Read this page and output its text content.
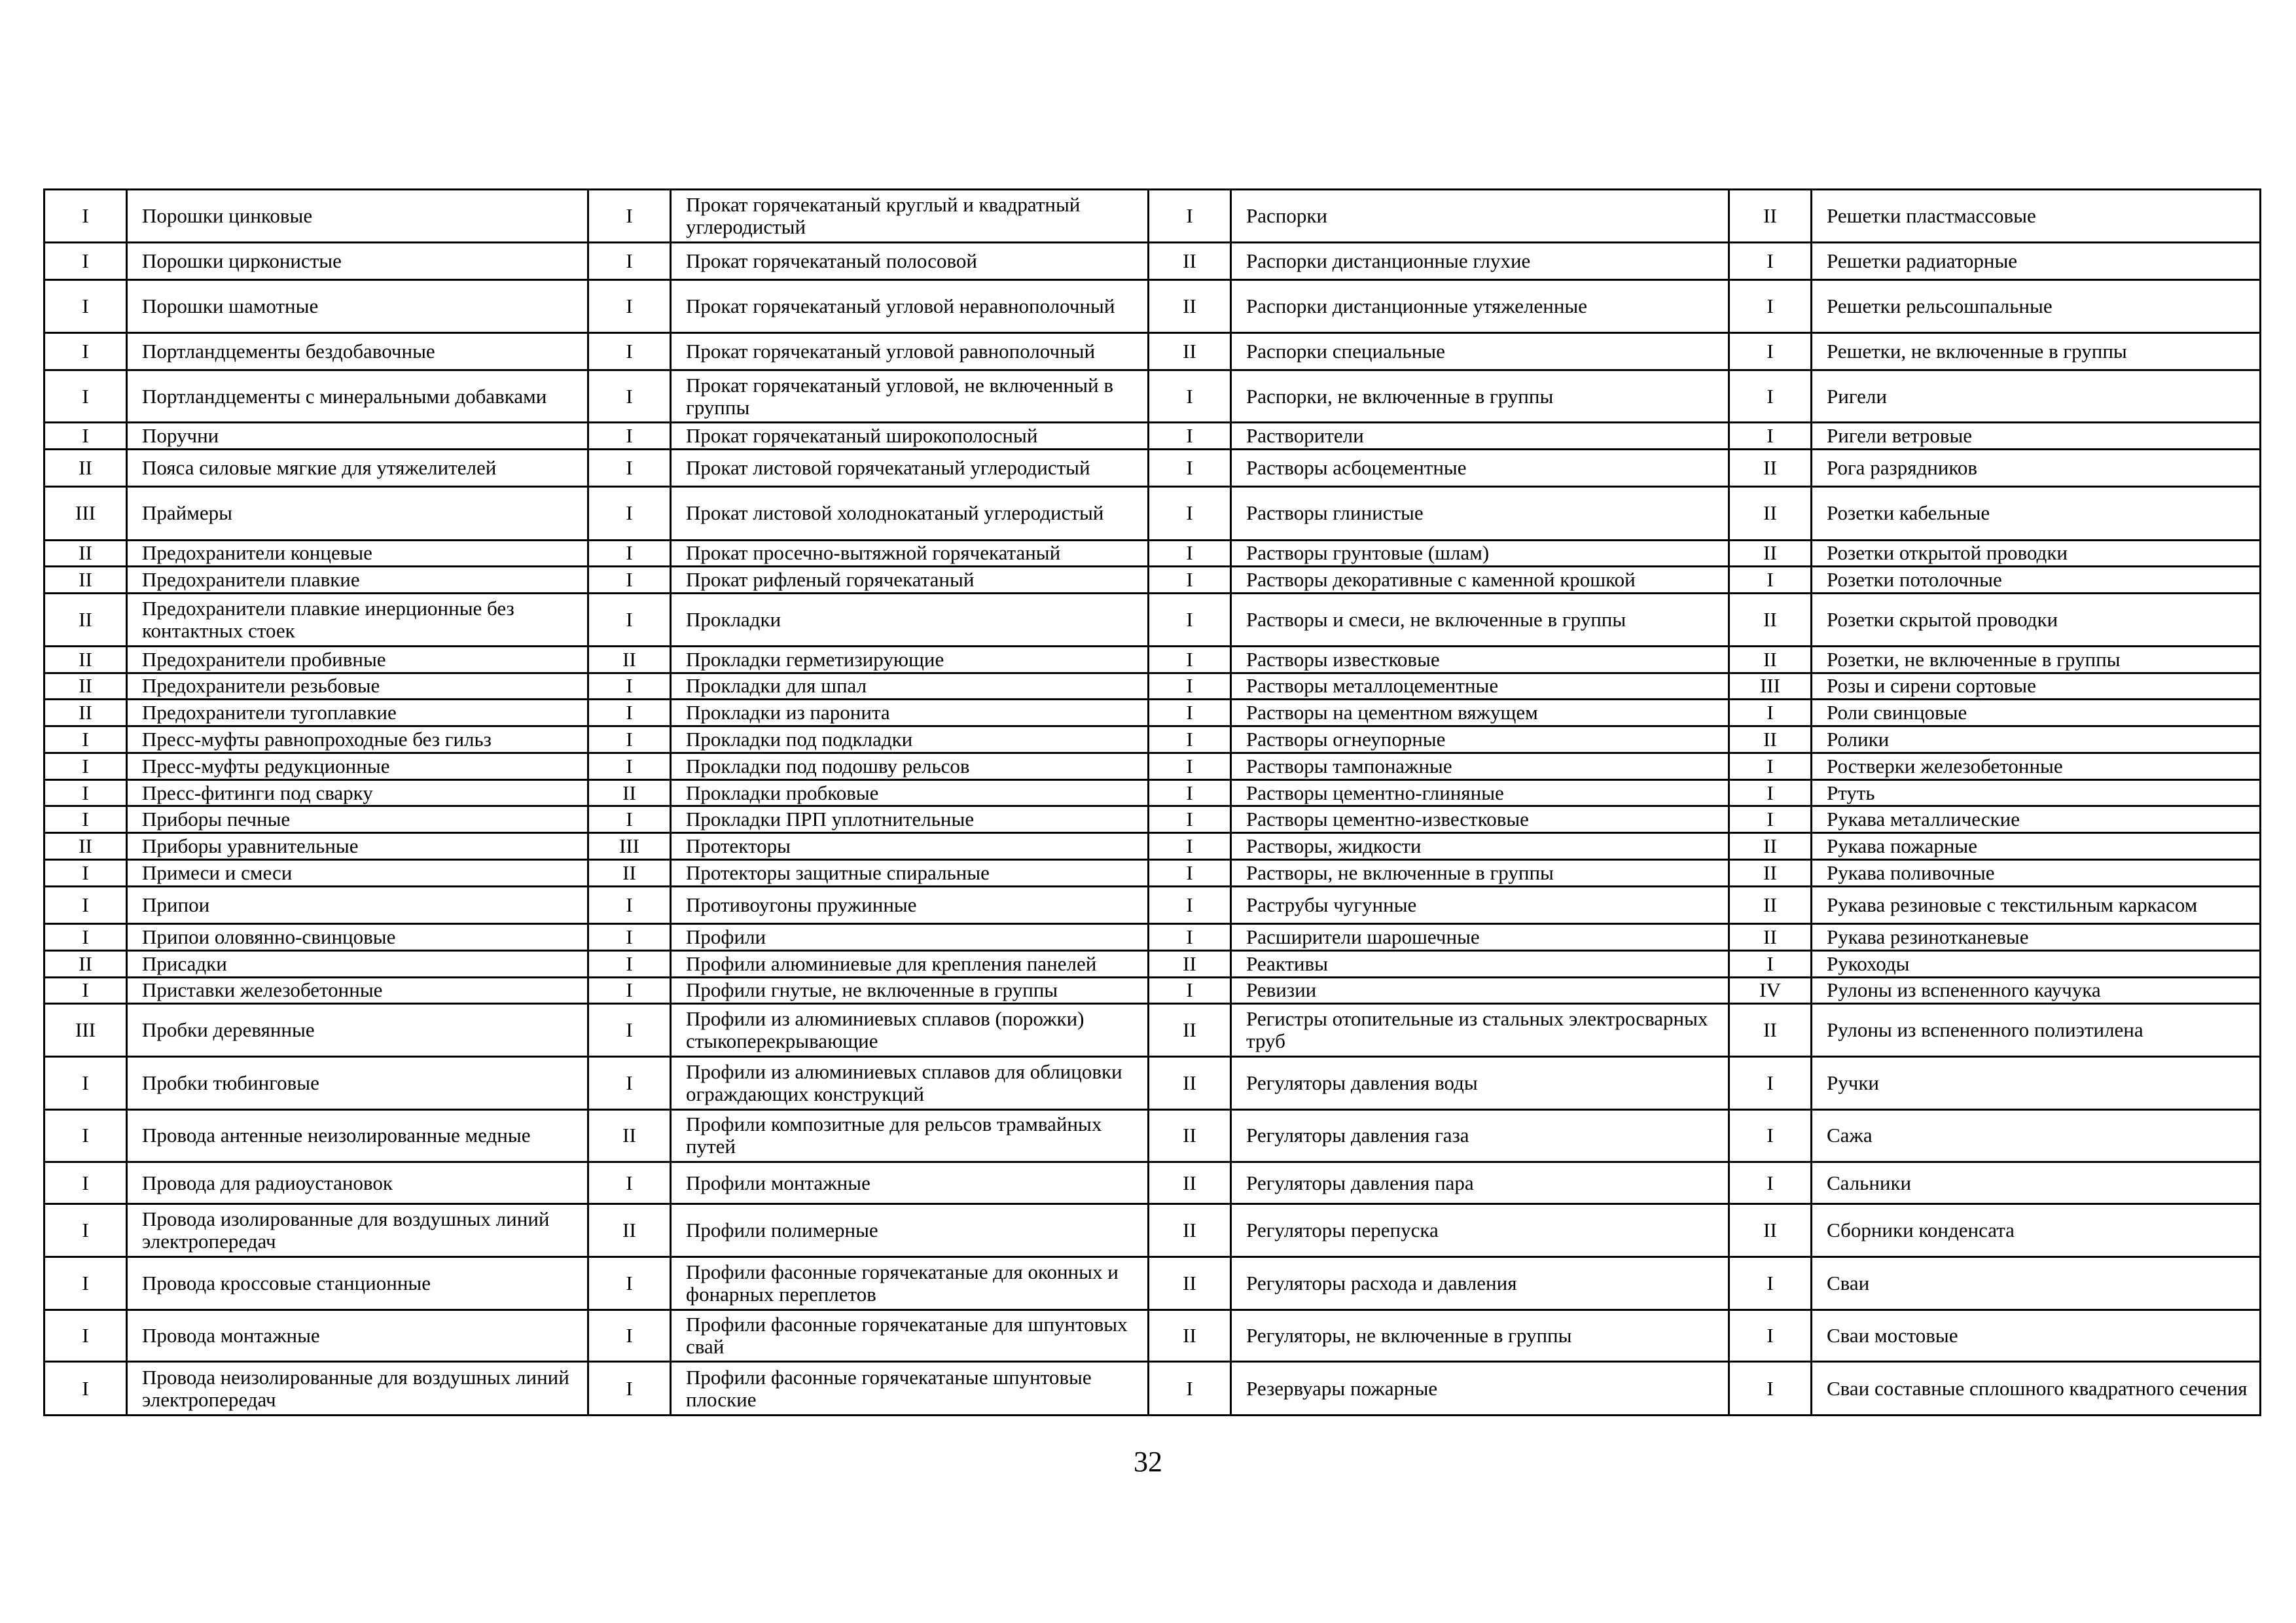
I	Порошки цинковые	I	Прокат горячекатаный круглый и квадратный углеродистый	I	Распорки	II	Решетки пластмассовые
I	Порошки цирконистые	I	Прокат горячекатаный полосовой	II	Распорки дистанционные глухие	I	Решетки радиаторные
I	Порошки шамотные	I	Прокат горячекатаный угловой неравнополочный	II	Распорки дистанционные утяжеленные	I	Решетки рельсошпальные
I	Портландцементы бездобавочные	I	Прокат горячекатаный угловой равнополочный	II	Распорки специальные	I	Решетки, не включенные в группы
I	Портландцементы с минеральными добавками	I	Прокат горячекатаный угловой, не включенный в группы	I	Распорки, не включенные в группы	I	Ригели
I	Поручни	I	Прокат горячекатаный широкополосный	I	Растворители	I	Ригели ветровые
II	Пояса силовые мягкие для утяжелителей	I	Прокат листовой горячекатаный углеродистый	I	Растворы асбоцементные	II	Рога разрядников
III	Праймеры	I	Прокат листовой холоднокатаный углеродистый	I	Растворы глинистые	II	Розетки кабельные
II	Предохранители концевые	I	Прокат просечно-вытяжной горячекатаный	I	Растворы грунтовые (шлам)	II	Розетки открытой проводки
II	Предохранители плавкие	I	Прокат рифленый горячекатаный	I	Растворы декоративные с каменной крошкой	I	Розетки потолочные
II	Предохранители плавкие инерционные без контактных стоек	I	Прокладки	I	Растворы и смеси, не включенные в группы	II	Розетки скрытой проводки
II	Предохранители пробивные	II	Прокладки герметизирующие	I	Растворы известковые	II	Розетки, не включенные в группы
II	Предохранители резьбовые	I	Прокладки для шпал	I	Растворы металлоцементные	III	Розы и сирени сортовые
II	Предохранители тугоплавкие	I	Прокладки из паронита	I	Растворы на цементном вяжущем	I	Роли свинцовые
I	Пресс-муфты равнопроходные без гильз	I	Прокладки под подкладки	I	Растворы огнеупорные	II	Ролики
I	Пресс-муфты редукционные	I	Прокладки под подошву рельсов	I	Растворы тампонажные	I	Ростверки железобетонные
I	Пресс-фитинги под сварку	II	Прокладки пробковые	I	Растворы цементно-глиняные	I	Ртуть
I	Приборы печные	I	Прокладки ПРП уплотнительные	I	Растворы цементно-известковые	I	Рукава металлические
II	Приборы уравнительные	III	Протекторы	I	Растворы, жидкости	II	Рукава пожарные
I	Примеси и смеси	II	Протекторы защитные спиральные	I	Растворы, не включенные в группы	II	Рукава поливочные
I	Припои	I	Противоугоны пружинные	I	Раструбы чугунные	II	Рукава резиновые с текстильным каркасом
I	Припои оловянно-свинцовые	I	Профили	I	Расширители шарошечные	II	Рукава резинотканевые
II	Присадки	I	Профили алюминиевые для крепления панелей	II	Реактивы	I	Рукоходы
I	Приставки железобетонные	I	Профили гнутые, не включенные в группы	I	Ревизии	IV	Рулоны из вспененного каучука
III	Пробки деревянные	I	Профили из алюминиевых сплавов (порожки) стыкоперекрывающие	II	Регистры отопительные из стальных электросварных труб	II	Рулоны из вспененного полиэтилена
I	Пробки тюбинговые	I	Профили из алюминиевых сплавов для облицовки ограждающих конструкций	II	Регуляторы давления воды	I	Ручки
I	Провода антенные неизолированные медные	II	Профили композитные для рельсов трамвайных путей	II	Регуляторы давления газа	I	Сажа
I	Провода для радиоустановок	I	Профили монтажные	II	Регуляторы давления пара	I	Сальники
I	Провода изолированные для воздушных линий электропередач	II	Профили полимерные	II	Регуляторы перепуска	II	Сборники конденсата
I	Провода кроссовые станционные	I	Профили фасонные горячекатаные для оконных и фонарных переплетов	II	Регуляторы расхода и давления	I	Сваи
I	Провода монтажные	I	Профили фасонные горячекатаные для шпунтовых свай	II	Регуляторы, не включенные в группы	I	Сваи мостовые
I	Провода неизолированные для воздушных линий электропередач	I	Профили фасонные горячекатаные шпунтовые плоские	I	Резервуары пожарные	I	Сваи составные сплошного квадратного сечения
32
